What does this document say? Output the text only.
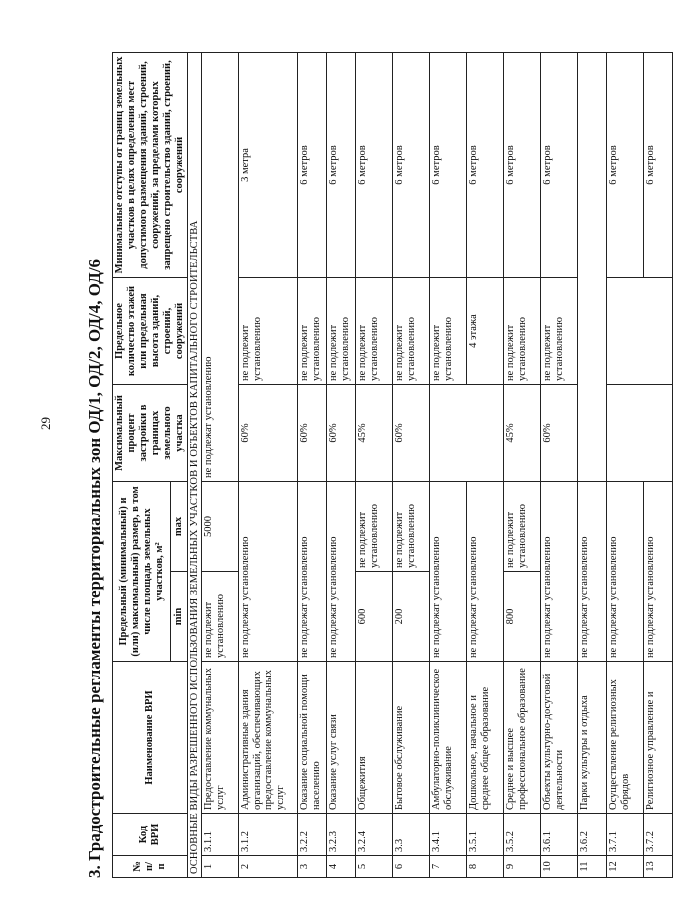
29	3. Градостроительные регламенты территориальных зон ОД/1, ОД/2, ОД/4, ОД/6	№ п/п	Код ВРИ	Наименование ВРИ	Предельный (минимальный) и (или) максимальный) размер, в том числе площадь земельных участков, м²		Максимальный процент застройки в границах земельного участка	Предельное количество этажей или предельная высота зданий, строений, сооружений	Минимальные отступы от границ земельных участков в целях определения мест допустимого размещения зданий, строений, сооружений, за пределами которых запрещено строительство зданий, строений, сооружений
			min	max			
ОСНОВНЫЕ ВИДЫ РАЗРЕШЕННОГО ИСПОЛЬЗОВАНИЯ ЗЕМЕЛЬНЫХ УЧАСТКОВ И ОБЪЕКТОВ КАПИТАЛЬНОГО СТРОИТЕЛЬСТВА							
1	3.1.1	Предоставление коммунальных услуг	не подлежит установлению	5000	не подлежат установлению		
2	3.1.2	Административные здания организаций, обеспечивающих предоставление коммунальных услуг	не подлежат установлению		60%	не подлежит установлению	3 метра
3	3.2.2	Оказание социальной помощи населению	не подлежат установлению		60%	не подлежит установлению	6 метров
4	3.2.3	Оказание услуг связи	не подлежат установлению		60%	не подлежит установлению	6 метров
5	3.2.4	Общежития	600	не подлежит установлению	45%	не подлежит установлению	6 метров
6	3.3	Бытовое обслуживание	200	не подлежит установлению	60%	не подлежит установлению	6 метров
7	3.4.1	Амбулаторно-поликлиническое обслуживание	не подлежат установлению			не подлежит установлению	6 метров
8	3.5.1	Дошкольное, начальное и среднее общее образование	не подлежат установлению			4 этажа	6 метров
9	3.5.2	Среднее и высшее профессиональное образование	800	не подлежит установлению	45%	не подлежит установлению	6 метров
10	3.6.1	Объекты культурно-досуговой деятельности	не подлежат установлению		60%	не подлежит установлению	6 метров
11	3.6.2	Парки культуры и отдыха	не подлежат установлению				
12	3.7.1	Осуществление религиозных обрядов	не подлежат установлению				6 метров
13	3.7.2	Религиозное управление и	не подлежат установлению				6 метров
